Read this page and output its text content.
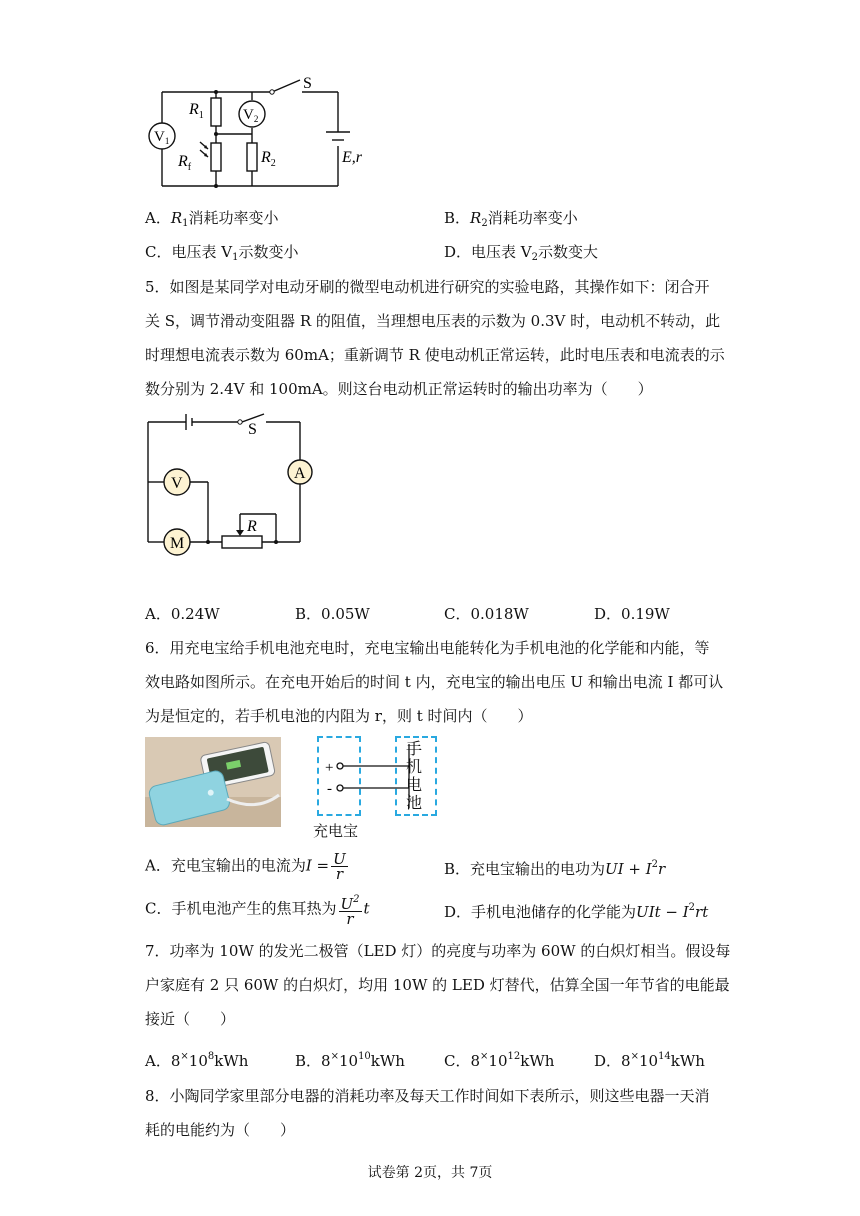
$V_1$
$V_2$
$R_1$
$R_f$
$R_2$
S
E,r
A．$R_1$消耗功率变小	B．$R_2$消耗功率变小
C．电压表 $V_1$示数变小	D．电压表 $V_2$示数变大
5．如图是某同学对电动牙刷的微型电动机进行研究的实验电路，其操作如下：闭合开
关 S，调节滑动变阻器 R 的阻值，当理想电压表的示数为 0.3V 时，电动机不转动，此
时理想电流表示数为 60mA；重新调节 R 使电动机正常运转，此时电压表和电流表的示
数分别为 2.4V 和 100mA。则这台电动机正常运转时的输出功率为（　　）
V
A
M
S
R
A．0.24W	B．0.05W	C．0.018W	D．0.19W
6．用充电宝给手机电池充电时，充电宝输出电能转化为手机电池的化学能和内能，等
效电路如图所示。在充电开始后的时间 t 内，充电宝的输出电压 U 和输出电流 I 都可认
为是恒定的，若手机电池的内阻为 r，则 t 时间内（　　）
+
-
手机电池
充电宝
A．充电宝输出的电流为$I = \frac{U}{r}$	B．充电宝输出的电功为UI + $I^2r$
C．手机电池产生的焦耳热为 $\frac{U^2}{r}$ t	D．手机电池储存的化学能为UIt − $I^2rt$
7．功率为 10W 的发光二极管（LED 灯）的亮度与功率为 60W 的白炽灯相当。假设每
户家庭有 2 只 60W 的白炽灯，均用 10W 的 LED 灯替代，估算全国一年节省的电能最
接近（　　）
A．$8^\times 10^8kWh$	B．$8^\times 10^{10}kWh$	C．$8^\times 10^{12}kWh$	D．$8^\times 10^{14}kWh$
8．小陶同学家里部分电器的消耗功率及每天工作时间如下表所示，则这些电器一天消
耗的电能约为（　　）
试卷第 2页，共 7页
